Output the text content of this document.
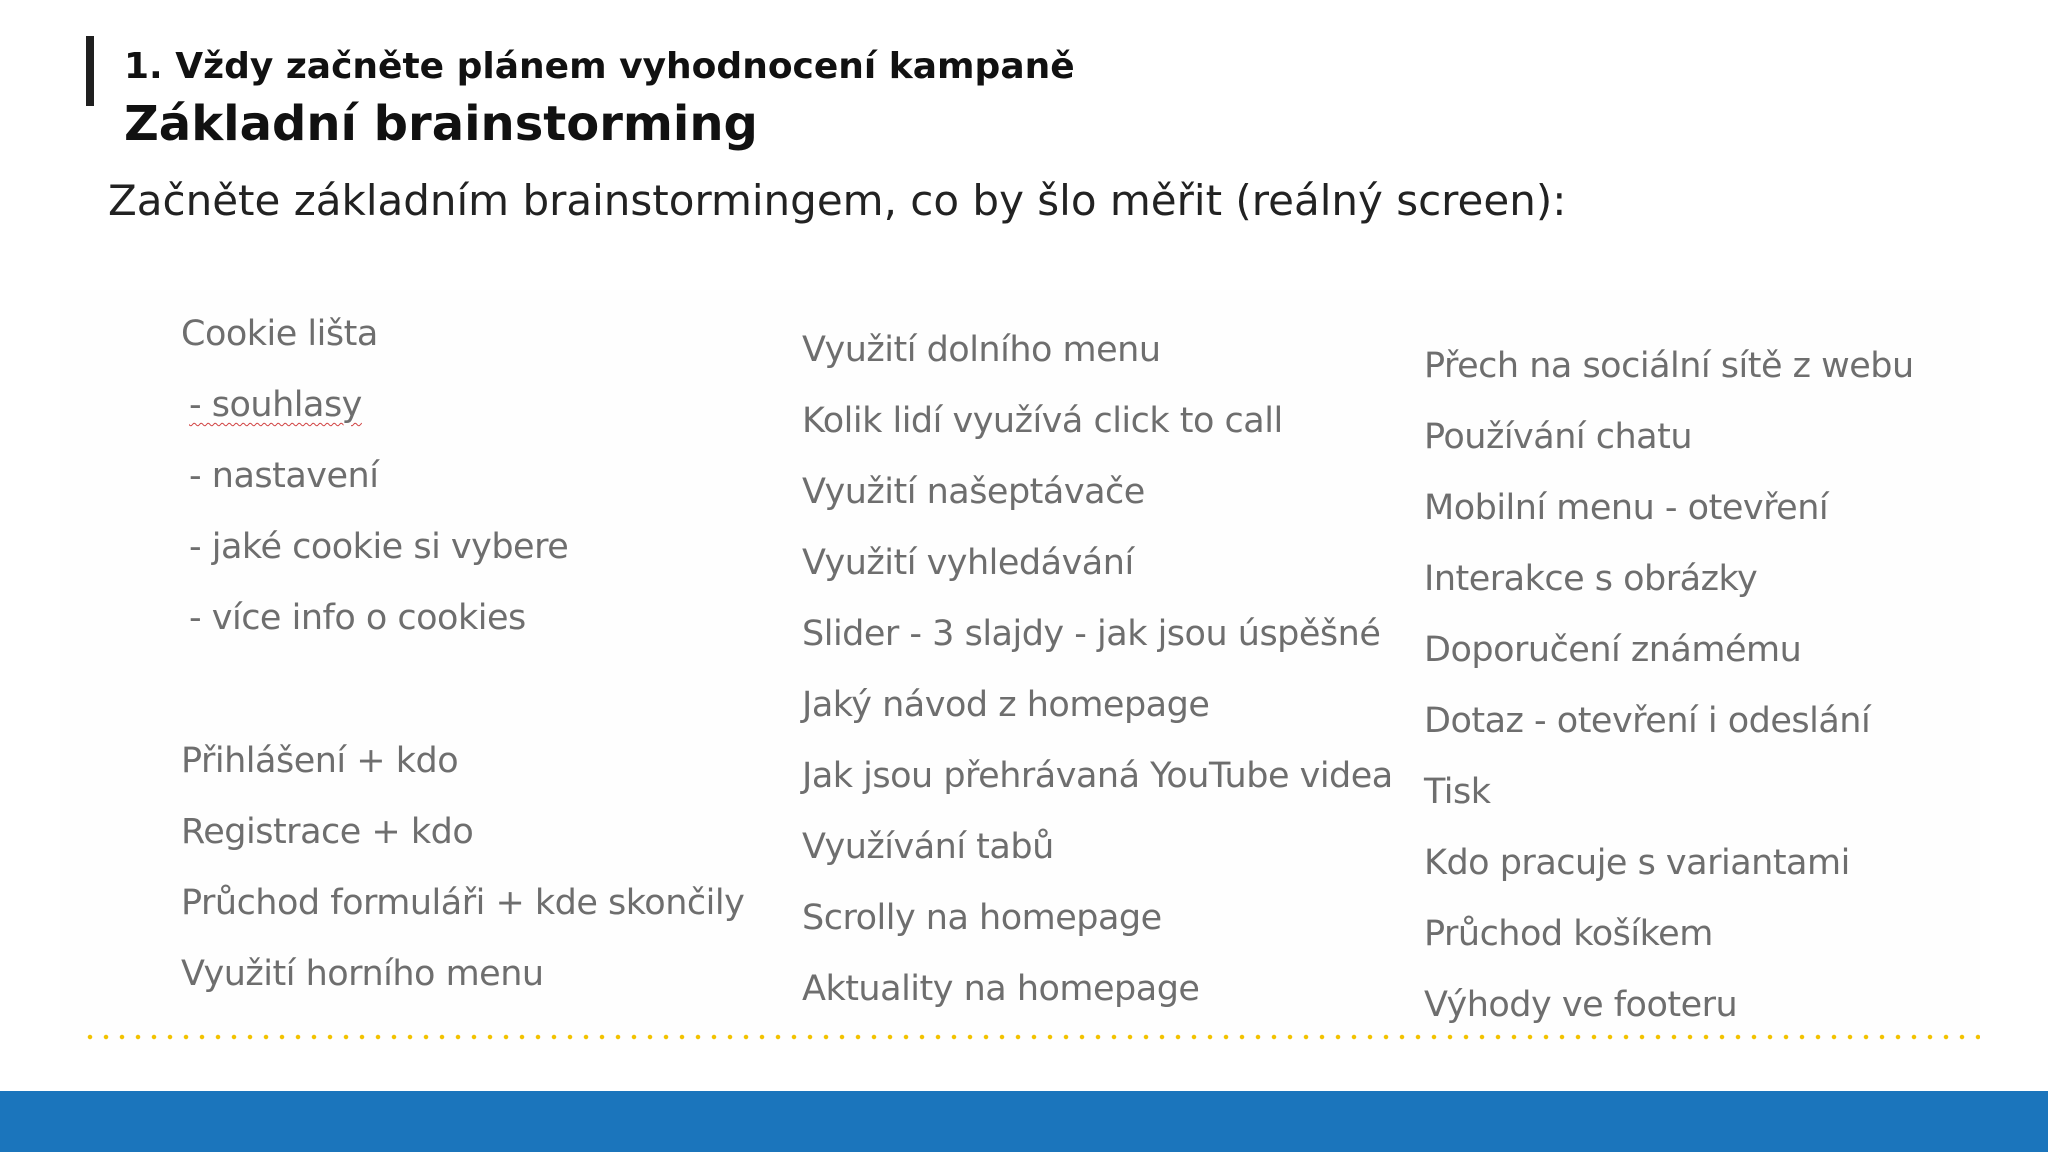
1. Vždy začněte plánem vyhodnocení kampaně
Základní brainstorming
Začněte základním brainstormingem, co by šlo měřit (reálný screen):
Cookie lišta
- souhlasy
- nastavení
- jaké cookie si vybere
- více info o cookies
Přihlášení + kdo
Registrace + kdo
Průchod formuláři + kde skončily
Využití horního menu
Využití dolního menu
Kolik lidí využívá click to call
Využití našeptávače
Využití vyhledávání
Slider - 3 slajdy - jak jsou úspěšné
Jaký návod z homepage
Jak jsou přehrávaná YouTube videa
Využívání tabů
Scrolly na homepage
Aktuality na homepage
Přech na sociální sítě z webu
Používání chatu
Mobilní menu - otevření
Interakce s obrázky
Doporučení známému
Dotaz - otevření i odeslání
Tisk
Kdo pracuje s variantami
Průchod košíkem
Výhody ve footeru
